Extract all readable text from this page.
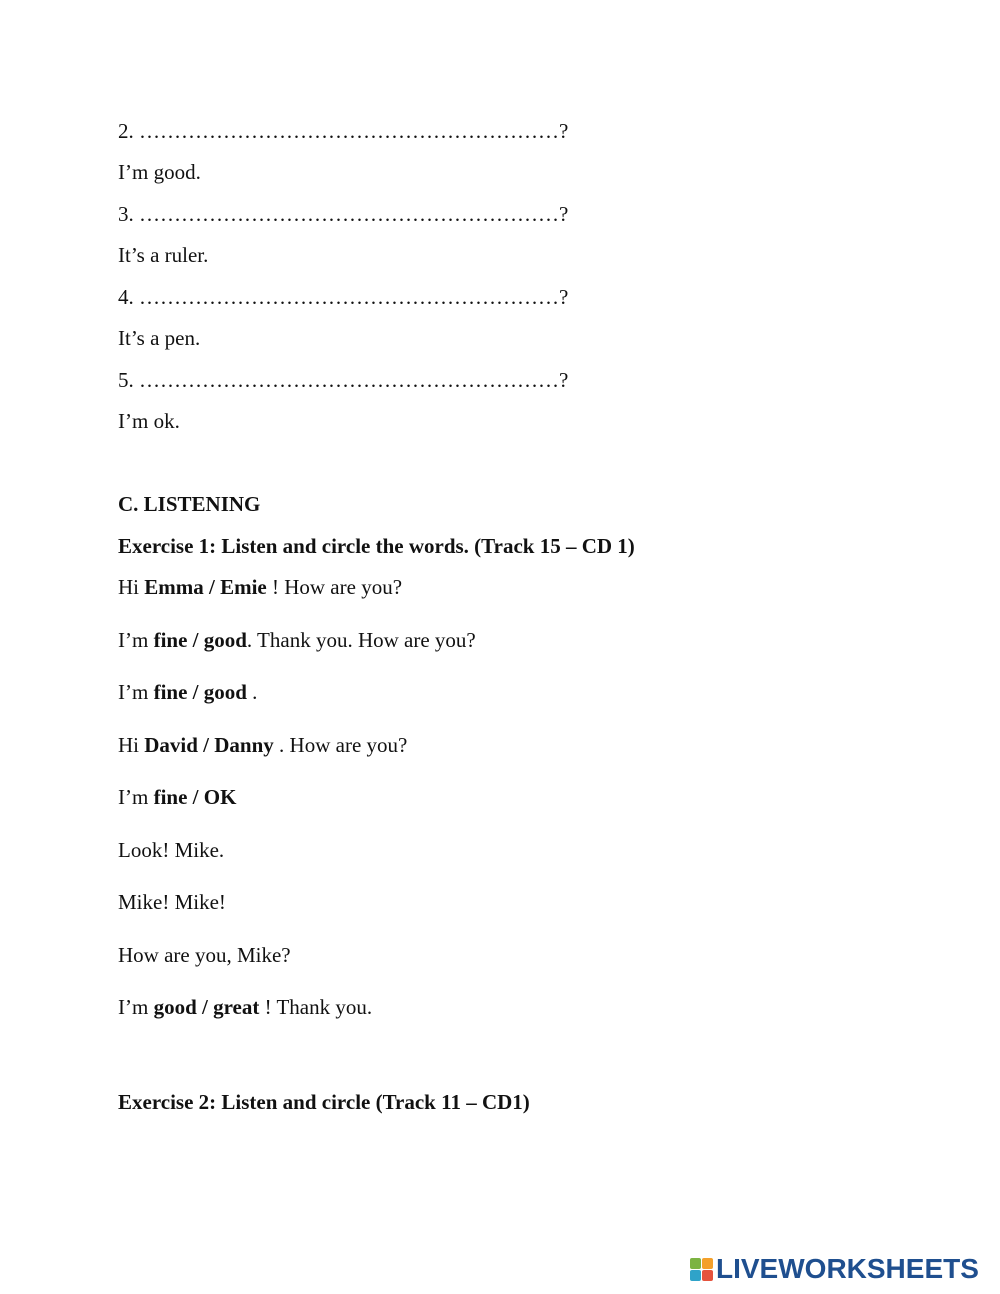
2. ……………………………………………………?
I’m good.
3. ……………………………………………………?
It’s a ruler.
4. ……………………………………………………?
It’s a pen.
5. ……………………………………………………?
I’m ok.
C. LISTENING
Exercise 1: Listen and circle the words. (Track 15 – CD 1)
Hi Emma / Emie ! How are you?
I’m fine / good. Thank you. How are you?
I’m fine / good .
Hi David / Danny . How are you?
I’m fine / OK
Look! Mike.
Mike! Mike!
How are you, Mike?
I’m good / great ! Thank you.
Exercise 2: Listen and circle (Track 11 – CD1)
LIVEWORKSHEETS
